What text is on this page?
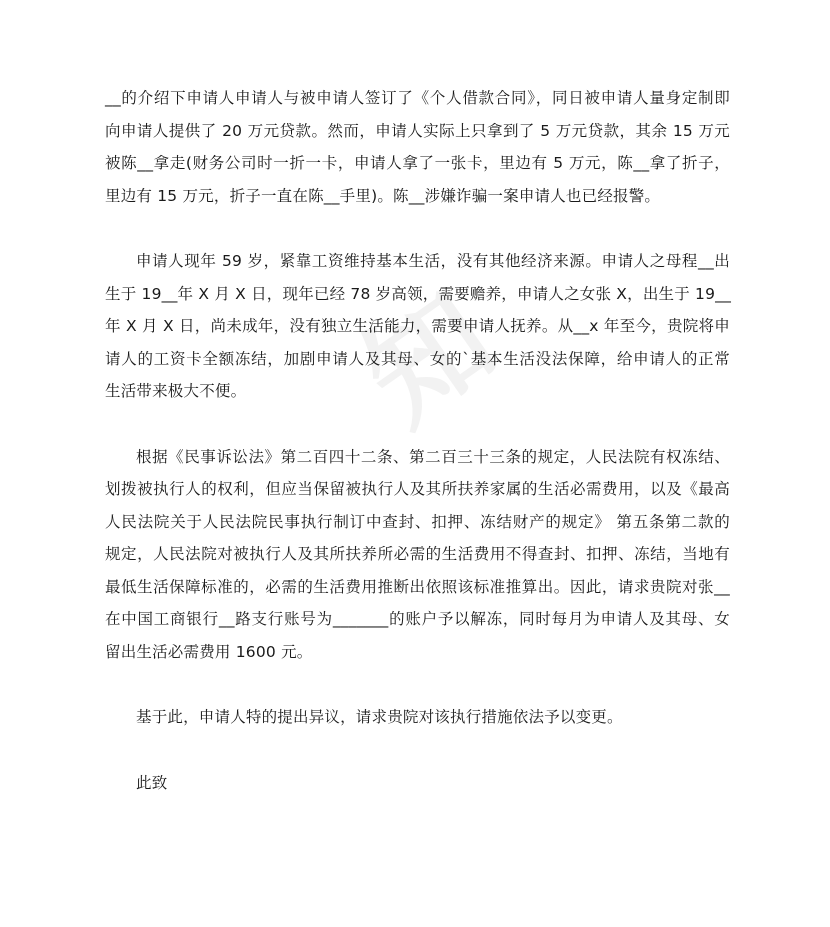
知
__的介绍下申请人申请人与被申请人签订了《个人借款合同》，同日被申请人量身定制即
向申请人提供了 20 万元贷款。然而，申请人实际上只拿到了 5 万元贷款，其余 15 万元
被陈__拿走(财务公司时一折一卡，申请人拿了一张卡，里边有 5 万元，陈__拿了折子，
里边有 15 万元，折子一直在陈__手里)。陈__涉嫌诈骗一案申请人也已经报警。
申请人现年 59 岁，紧靠工资维持基本生活，没有其他经济来源。申请人之母程__出
生于 19__年 X 月 X 日，现年已经 78 岁高领，需要赡养，申请人之女张 X，出生于 19__
年 X 月 X 日，尚未成年，没有独立生活能力，需要申请人抚养。从__x 年至今，贵院将申
请人的工资卡全额冻结，加剧申请人及其母、女的`基本生活没法保障，给申请人的正常
生活带来极大不便。
根据《民事诉讼法》第二百四十二条、第二百三十三条的规定，人民法院有权冻结、
划拨被执行人的权利，但应当保留被执行人及其所扶养家属的生活必需费用，以及《最高
人民法院关于人民法院民事执行制订中查封、扣押、冻结财产的规定》 第五条第二款的
规定，人民法院对被执行人及其所扶养所必需的生活费用不得查封、扣押、冻结，当地有
最低生活保障标准的，必需的生活费用推断出依照该标准推算出。因此，请求贵院对张__
在中国工商银行__路支行账号为_______的账户予以解冻，同时每月为申请人及其母、女
留出生活必需费用 1600 元。
基于此，申请人特的提出异议，请求贵院对该执行措施依法予以变更。
此致
